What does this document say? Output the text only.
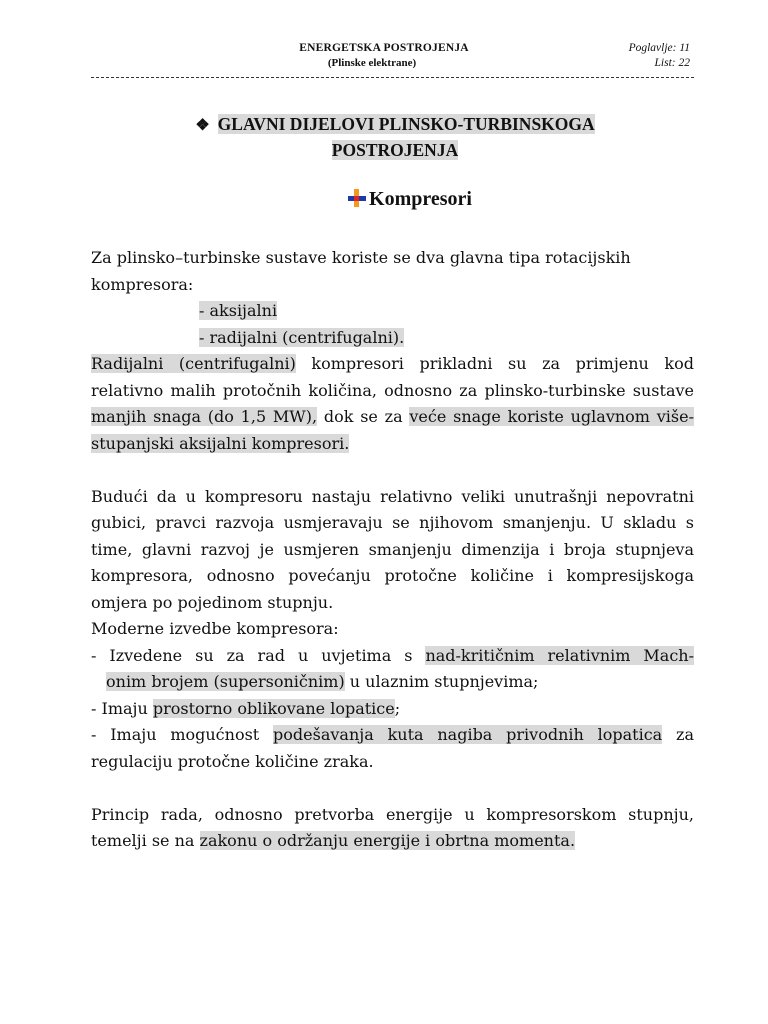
ENERGETSKA POSTROJENJA
(Plinske elektrane)
Poglavlje: 11
List: 22
❖ GLAVNI DIJELOVI PLINSKO-TURBINSKOGA
POSTROJENJA
Kompresori

Za plinsko–turbinske sustave koriste se dva glavna tipa rotacijskih

kompresora:

- aksijalni

- radijalni (centrifugalni).

Radijalni (centrifugalni) kompresori prikladni su za primjenu kod relativno malih protočnih količina, odnosno za plinsko-turbinske sustave manjih snaga (do 1,5 MW), dok se za veće snage koriste uglavnom više-stupanjski aksijalni kompresori.

Budući da u kompresoru nastaju relativno veliki unutrašnji nepovratni gubici, pravci razvoja usmjeravaju se njihovom smanjenju. U skladu s time, glavni razvoj je usmjeren smanjenju dimenzija i broja stupnjeva kompresora, odnosno povećanju protočne količine i kompresijskoga omjera po pojedinom stupnju.

Moderne izvedbe kompresora:

- Izvedene su za rad u uvjetima s nad-kritičnim relativnim Mach-

onim brojem (supersoničnim) u ulaznim stupnjevima;

- Imaju prostorno oblikovane lopatice;

- Imaju mogućnost podešavanja kuta nagiba privodnih lopatica za regulaciju protočne količine zraka.

Princip rada, odnosno pretvorba energije u kompresorskom stupnju, temelji se na zakonu o održanju energije i obrtna momenta.
